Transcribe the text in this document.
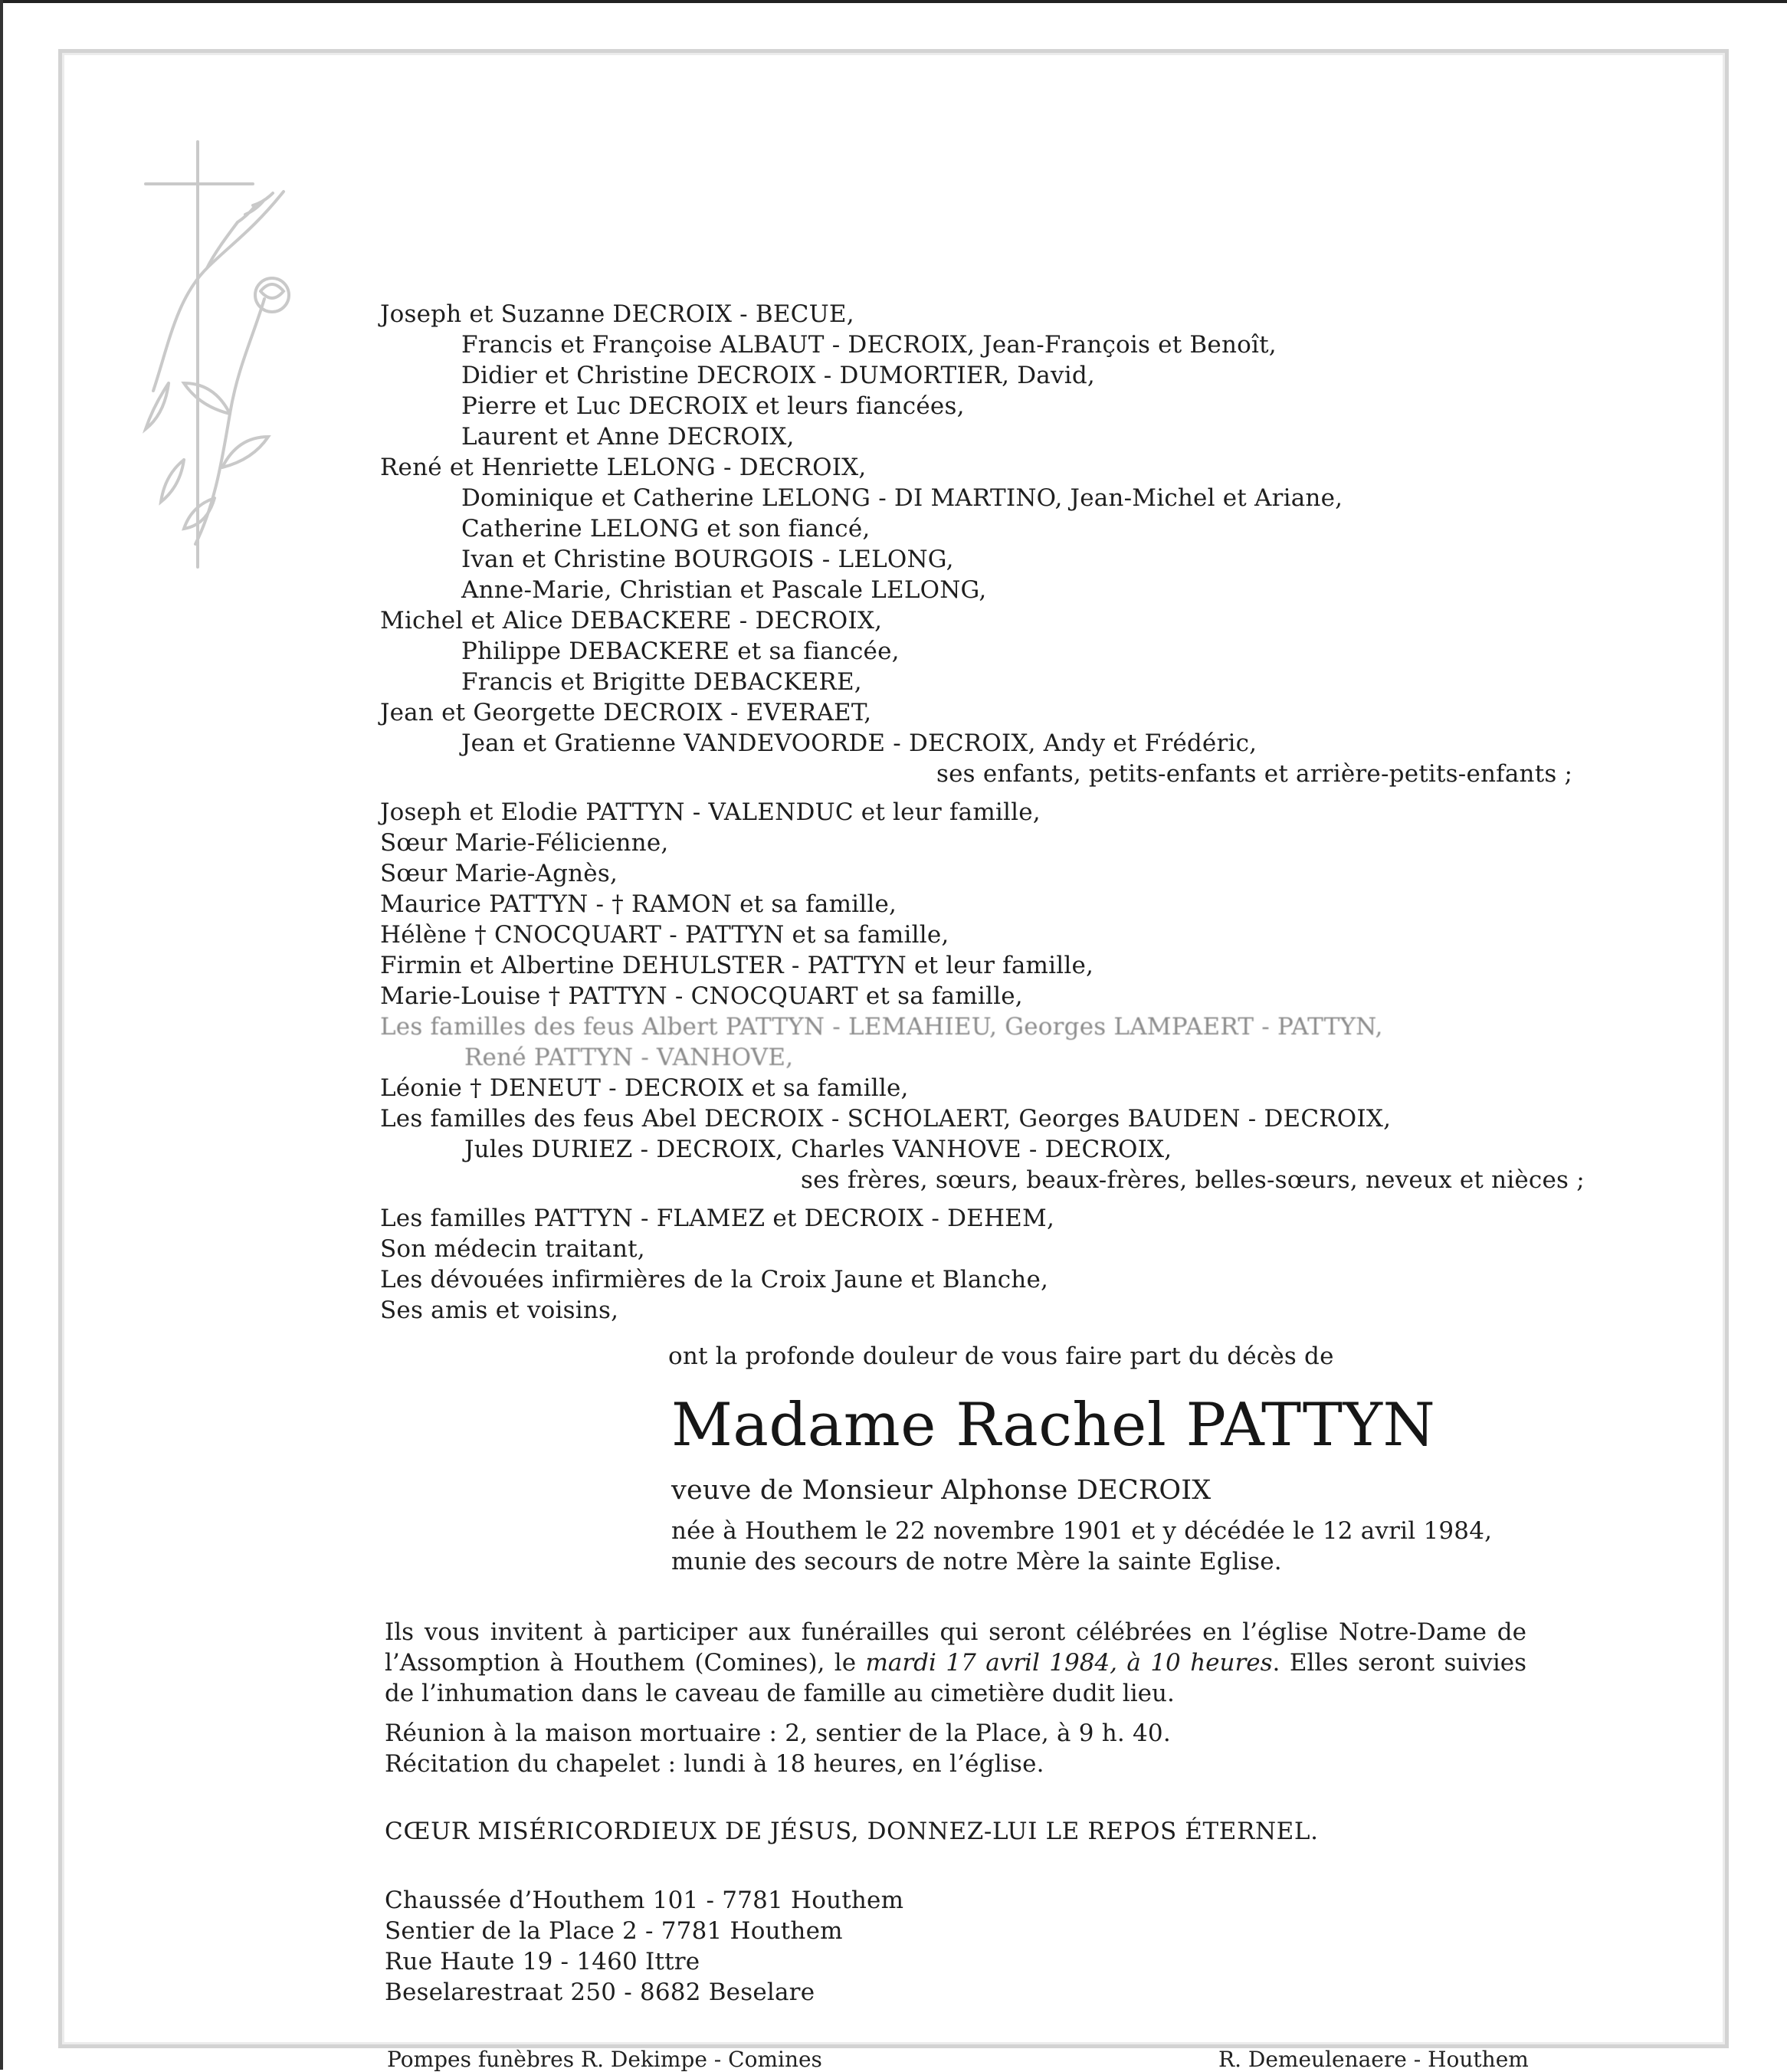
Joseph et Suzanne DECROIX - BECUE,
Francis et Françoise ALBAUT - DECROIX, Jean-François et Benoît,
Didier et Christine DECROIX - DUMORTIER, David,
Pierre et Luc DECROIX et leurs fiancées,
Laurent et Anne DECROIX,
René et Henriette LELONG - DECROIX,
Dominique et Catherine LELONG - DI MARTINO, Jean-Michel et Ariane,
Catherine LELONG et son fiancé,
Ivan et Christine BOURGOIS - LELONG,
Anne-Marie, Christian et Pascale LELONG,
Michel et Alice DEBACKERE - DECROIX,
Philippe DEBACKERE et sa fiancée,
Francis et Brigitte DEBACKERE,
Jean et Georgette DECROIX - EVERAET,
Jean et Gratienne VANDEVOORDE - DECROIX, Andy et Frédéric,
ses enfants, petits-enfants et arrière-petits-enfants ;
Joseph et Elodie PATTYN - VALENDUC et leur famille,
Sœur Marie-Félicienne,
Sœur Marie-Agnès,
Maurice PATTYN - † RAMON et sa famille,
Hélène † CNOCQUART - PATTYN et sa famille,
Firmin et Albertine DEHULSTER - PATTYN et leur famille,
Marie-Louise † PATTYN - CNOCQUART et sa famille,
Les familles des feus Albert PATTYN - LEMAHIEU, Georges LAMPAERT - PATTYN,
René PATTYN - VANHOVE,
Léonie † DENEUT - DECROIX et sa famille,
Les familles des feus Abel DECROIX - SCHOLAERT, Georges BAUDEN - DECROIX,
Jules DURIEZ - DECROIX, Charles VANHOVE - DECROIX,
ses frères, sœurs, beaux-frères, belles-sœurs, neveux et nièces ;
Les familles PATTYN - FLAMEZ et DECROIX - DEHEM,
Son médecin traitant,
Les dévouées infirmières de la Croix Jaune et Blanche,
Ses amis et voisins,
ont la profonde douleur de vous faire part du décès de
Madame Rachel PATTYN
veuve de Monsieur Alphonse DECROIX
née à Houthem le 22 novembre 1901 et y décédée le 12 avril 1984,
munie des secours de notre Mère la sainte Eglise.
Ils vous invitent à participer aux funérailles qui seront célébrées en l’église Notre-Dame de l’Assomption à Houthem (Comines), le mardi 17 avril 1984, à 10 heures. Elles seront suivies de l’inhumation dans le caveau de famille au cimetière dudit lieu.
Réunion à la maison mortuaire : 2, sentier de la Place, à 9 h. 40.
Récitation du chapelet : lundi à 18 heures, en l’église.
CŒUR MISÉRICORDIEUX DE JÉSUS, DONNEZ-LUI LE REPOS ÉTERNEL.
Chaussée d’Houthem 101 - 7781 Houthem
Sentier de la Place 2 - 7781 Houthem
Rue Haute 19 - 1460 Ittre
Beselarestraat 250 - 8682 Beselare
Pompes funèbres R. Dekimpe - Comines	R. Demeulenaere - Houthem
